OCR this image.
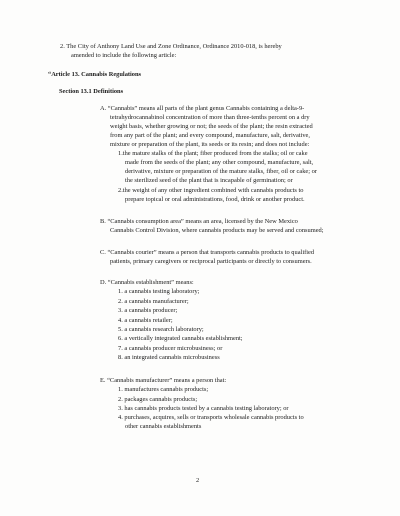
2. The City of Anthony Land Use and Zone Ordinance, Ordinance 2010-018, is hereby
amended to include the following article:
“Article 13. Cannabis Regulations
Section 13.1 Definitions
A. “Cannabis” means all parts of the plant genus Cannabis containing a delta-9-
tetrahydrocannabinol concentration of more than three-tenths percent on a dry
weight basis, whether growing or not; the seeds of the plant; the resin extracted
from any part of the plant; and every compound, manufacture, salt, derivative,
mixture or preparation of the plant, its seeds or its resin; and does not include:
1.the mature stalks of the plant; fiber produced from the stalks; oil or cake
made from the seeds of the plant; any other compound, manufacture, salt,
derivative, mixture or preparation of the mature stalks, fiber, oil or cake; or
the sterilized seed of the plant that is incapable of germination; or
2.the weight of any other ingredient combined with cannabis products to
prepare topical or oral administrations, food, drink or another product.
B. “Cannabis consumption area” means an area, licensed by the New Mexico
Cannabis Control Division, where cannabis products may be served and consumed;
C. “Cannabis courier” means a person that transports cannabis products to qualified
patients, primary caregivers or reciprocal participants or directly to consumers.
D. “Cannabis establishment” means:
1. a cannabis testing laboratory;
2. a cannabis manufacturer;
3. a cannabis producer;
4. a cannabis retailer;
5. a cannabis research laboratory;
6. a vertically integrated cannabis establishment;
7. a cannabis producer microbusiness; or
8. an integrated cannabis microbusiness
E. “Cannabis manufacturer” means a person that:
1. manufactures cannabis products;
2. packages cannabis products;
3. has cannabis products tested by a cannabis testing laboratory; or
4. purchases, acquires, sells or transports wholesale cannabis products to
other cannabis establishments
2
